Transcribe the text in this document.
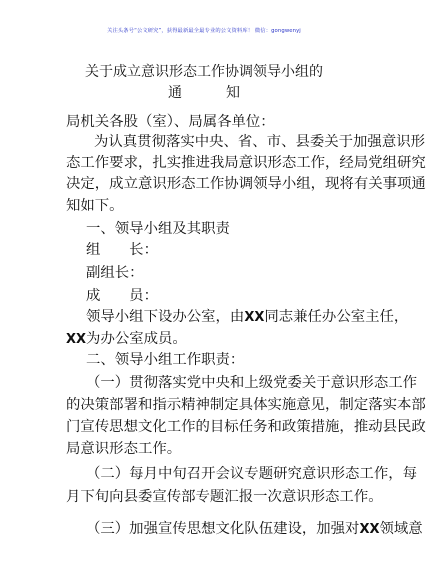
关注头条号“公文研究”，获得最新最全最专业的公文资料库！ 微信：gongwenyj
关于成立意识形态工作协调领导小组的
通	知
局机关各股（室）、局属各单位：
为认真贯彻落实中央、省、市、县委关于加强意识形
态工作要求，扎实推进我局意识形态工作，经局党组研究
决定，成立意识形态工作协调领导小组，现将有关事项通
知如下。
一、领导小组及其职责
组　　长：
副组长：
成　　员：
领导小组下设办公室，由XX同志兼任办公室主任，
XX为办公室成员。
二、领导小组工作职责：
（一）贯彻落实党中央和上级党委关于意识形态工作
的决策部署和指示精神制定具体实施意见，制定落实本部
门宣传思想文化工作的目标任务和政策措施，推动县民政
局意识形态工作。
（二）每月中旬召开会议专题研究意识形态工作，每
月下旬向县委宣传部专题汇报一次意识形态工作。
（三）加强宣传思想文化队伍建设，加强对XX领域意
